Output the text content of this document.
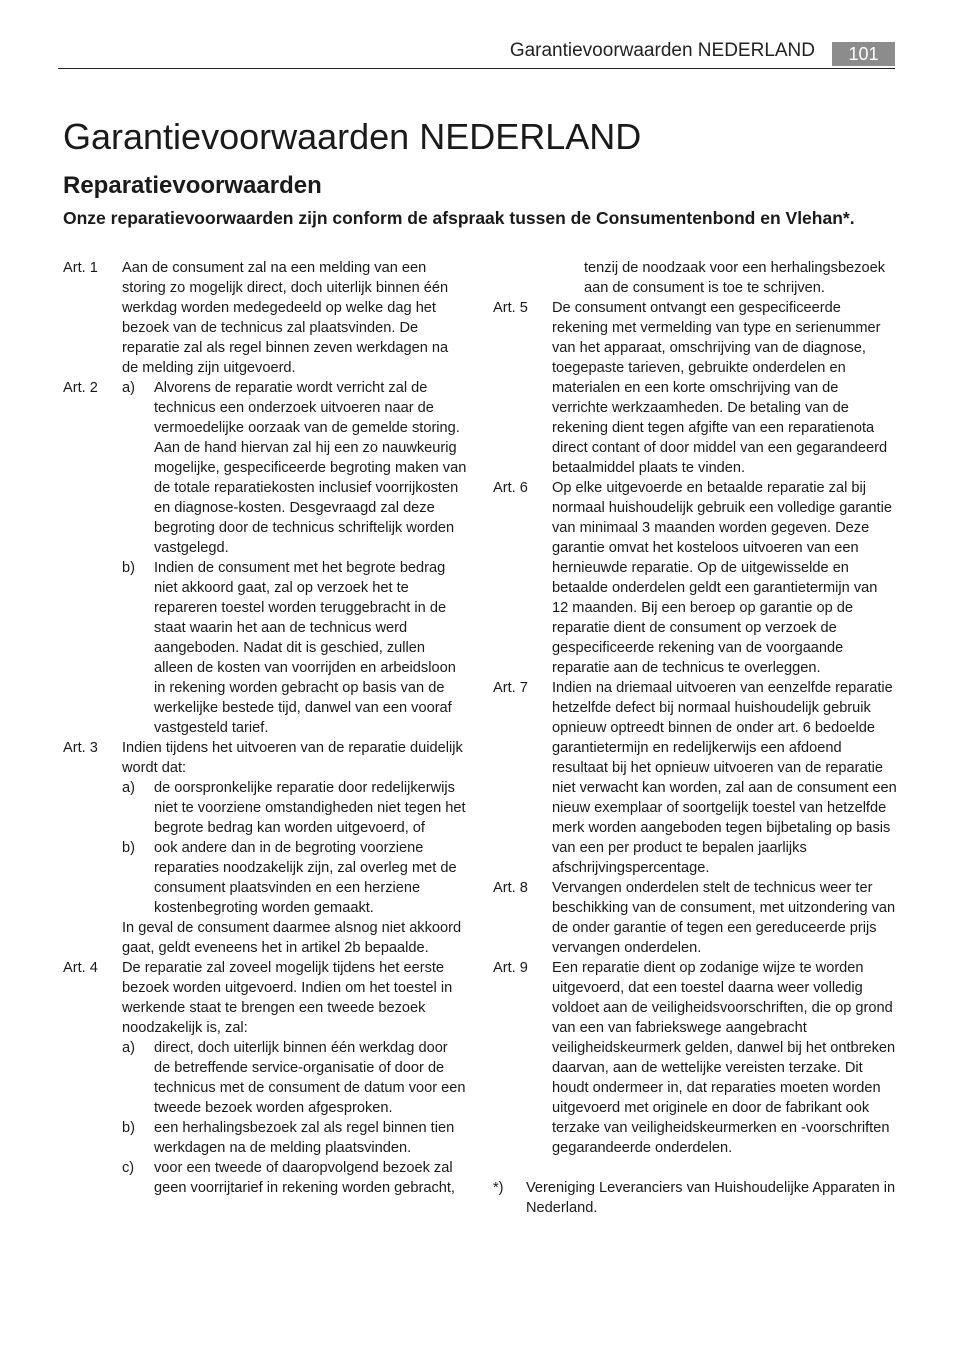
Garantievoorwaarden NEDERLAND	101
Garantievoorwaarden NEDERLAND
Reparatievoorwaarden

Onze reparatievoorwaarden zijn conform de afspraak tussen de Consumentenbond en Vlehan*.

Art. 1	Aan de consument zal na een melding van een storing zo mogelijk direct, doch uiterlijk binnen één werkdag worden medegedeeld op welke dag het bezoek van de technicus zal plaatsvinden. De reparatie zal als regel binnen zeven werkdagen na de melding zijn uitgevoerd.
Art. 2	a)	Alvorens de reparatie wordt verricht zal de technicus een onderzoek uitvoeren naar de vermoedelijke oorzaak van de gemelde storing. Aan de hand hiervan zal hij een zo nauwkeurig mogelijke, gespecificeerde begroting maken van de totale reparatiekosten inclusief voorrijkosten en diagnose-kosten. Desgevraagd zal deze begroting door de technicus schriftelijk worden vastgelegd.
b)	Indien de consument met het begrote bedrag niet akkoord gaat, zal op verzoek het te repareren toestel worden teruggebracht in de staat waarin het aan de technicus werd aangeboden. Nadat dit is geschied, zullen alleen de kosten van voorrijden en arbeidsloon in rekening worden gebracht op basis van de werkelijke bestede tijd, danwel van een vooraf vastgesteld tarief.
Art. 3	Indien tijdens het uitvoeren van de reparatie duidelijk wordt dat:
a)	de oorspronkelijke reparatie door redelijkerwijs niet te voorziene omstandigheden niet tegen het begrote bedrag kan worden uitgevoerd, of
b)	ook andere dan in de begroting voorziene reparaties noodzakelijk zijn, zal overleg met de consument plaatsvinden en een herziene kostenbegroting worden gemaakt.
In geval de consument daarmee alsnog niet akkoord gaat, geldt eveneens het in artikel 2b bepaalde.
Art. 4	De reparatie zal zoveel mogelijk tijdens het eerste bezoek worden uitgevoerd. Indien om het toestel in werkende staat te brengen een tweede bezoek noodzakelijk is, zal:
a)	direct, doch uiterlijk binnen één werkdag door de betreffende service-organisatie of door de technicus met de consument de datum voor een tweede bezoek worden afgesproken.
b)	een herhalingsbezoek zal als regel binnen tien werkdagen na de melding plaatsvinden.
c)	voor een tweede of daaropvolgend bezoek zal geen voorrijtarief in rekening worden gebracht,
tenzij de noodzaak voor een herhalingsbezoek aan de consument is toe te schrijven.
Art. 5	De consument ontvangt een gespecificeerde rekening met vermelding van type en serienummer van het apparaat, omschrijving van de diagnose, toegepaste tarieven, gebruikte onderdelen en materialen en een korte omschrijving van de verrichte werkzaamheden. De betaling van de rekening dient tegen afgifte van een reparatienota direct contant of door middel van een gegarandeerd betaalmiddel plaats te vinden.
Art. 6	Op elke uitgevoerde en betaalde reparatie zal bij normaal huishoudelijk gebruik een volledige garantie van minimaal 3 maanden worden gegeven. Deze garantie omvat het kosteloos uitvoeren van een hernieuwde reparatie. Op de uitgewisselde en betaalde onderdelen geldt een garantietermijn van 12 maanden. Bij een beroep op garantie op de reparatie dient de consument op verzoek de gespecificeerde rekening van de voorgaande reparatie aan de technicus te overleggen.
Art. 7	Indien na driemaal uitvoeren van eenzelfde reparatie hetzelfde defect bij normaal huishoudelijk gebruik opnieuw optreedt binnen de onder art. 6 bedoelde garantietermijn en redelijkerwijs een afdoend resultaat bij het opnieuw uitvoeren van de reparatie niet verwacht kan worden, zal aan de consument een nieuw exemplaar of soortgelijk toestel van hetzelfde merk worden aangeboden tegen bijbetaling op basis van een per product te bepalen jaarlijks afschrijvingspercentage.
Art. 8	Vervangen onderdelen stelt de technicus weer ter beschikking van de consument, met uitzondering van de onder garantie of tegen een gereduceerde prijs vervangen onderdelen.
Art. 9	Een reparatie dient op zodanige wijze te worden uitgevoerd, dat een toestel daarna weer volledig voldoet aan de veiligheidsvoorschriften, die op grond van een van fabriekswege aangebracht veiligheidskeurmerk gelden, danwel bij het ontbreken daarvan, aan de wettelijke vereisten terzake. Dit houdt ondermeer in, dat reparaties moeten worden uitgevoerd met originele en door de fabrikant ook terzake van veiligheidskeurmerken en -voorschriften gegarandeerde onderdelen.
*)	Vereniging Leveranciers van Huishoudelijke Apparaten in Nederland.
